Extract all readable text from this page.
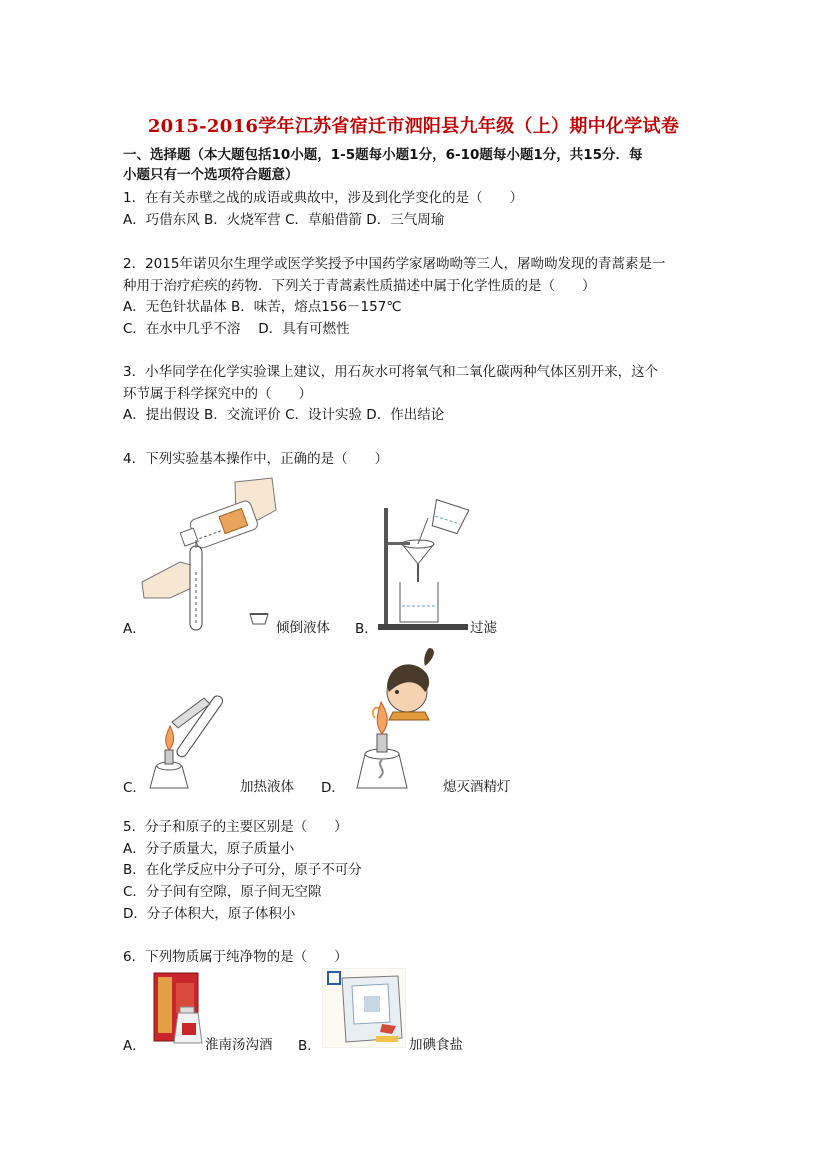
2015-2016学年江苏省宿迁市泗阳县九年级（上）期中化学试卷
一、选择题（本大题包括10小题，1-5题每小题1分，6-10题每小题1分，共15分．每
小题只有一个选项符合题意）
1．在有关赤壁之战的成语或典故中，涉及到化学变化的是（　　）
A．巧借东风 B．火烧军营 C．草船借箭 D．三气周瑜
2．2015年诺贝尔生理学或医学奖授予中国药学家屠呦呦等三人，屠呦呦发现的青蒿素是一
种用于治疗疟疾的药物．下列关于青蒿素性质描述中属于化学性质的是（　　）
A．无色针状晶体 B．味苦，熔点156－157℃
C．在水中几乎不溶　 D．具有可燃性
3．小华同学在化学实验课上建议，用石灰水可将氧气和二氧化碳两种气体区别开来，这个
环节属于科学探究中的（　　）
A．提出假设 B．交流评价 C．设计实验 D．作出结论
4．下列实验基本操作中，正确的是（　　）
A．	倾倒液体 B．	过滤
C．	加热液体 D．	熄灭酒精灯
5．分子和原子的主要区别是（　　）
A．分子质量大，原子质量小
B．在化学反应中分子可分，原子不可分
C．分子间有空隙，原子间无空隙
D．分子体积大，原子体积小
6．下列物质属于纯净物的是（　　）
A．	淮南汤沟酒 B．	加碘食盐
